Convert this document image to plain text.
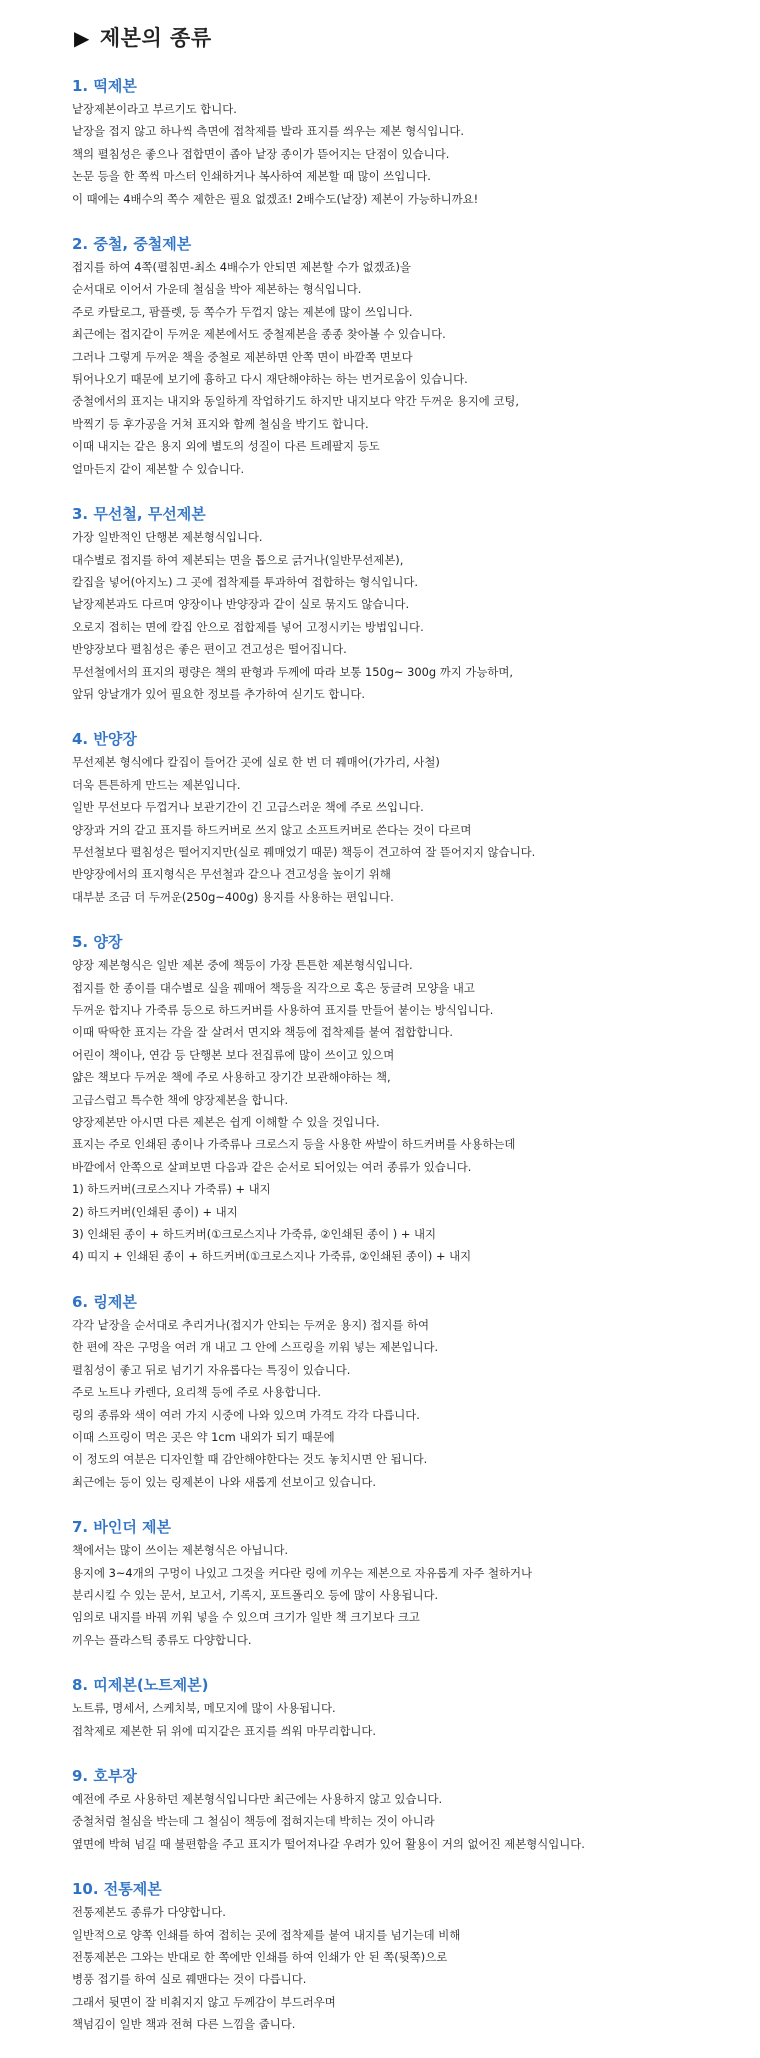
▶ 제본의 종류
1. 떡제본
낱장제본이라고 부르기도 합니다.
낱장을 접지 않고 하나씩 측면에 접착제를 발라 표지를 씌우는 제본 형식입니다.
책의 펼침성은 좋으나 접합면이 좁아 낱장 종이가 뜯어지는 단점이 있습니다.
논문 등을 한 쪽씩 마스터 인쇄하거나 복사하여 제본할 때 많이 쓰입니다.
이 때에는 4배수의 쪽수 제한은 필요 없겠죠! 2배수도(낱장) 제본이 가능하니까요!
2. 중철, 중철제본
접지를 하여 4쪽(펼침면-최소 4배수가 안되면 제본할 수가 없겠죠)을
순서대로 이어서 가운데 철심을 박아 제본하는 형식입니다.
주로 카탈로그, 팜플렛, 등 쪽수가 두껍지 않는 제본에 많이 쓰입니다.
최근에는 접지같이 두꺼운 제본에서도 중철제본을 종종 찾아볼 수 있습니다.
그러나 그렇게 두꺼운 책을 중철로 제본하면 안쪽 면이 바깥쪽 면보다
튀어나오기 때문에 보기에 흉하고 다시 재단해야하는 하는 번거로움이 있습니다.
중철에서의 표지는 내지와 동일하게 작업하기도 하지만 내지보다 약간 두꺼운 용지에 코팅,
박찍기 등 후가공을 거쳐 표지와 함께 철심을 박기도 합니다.
이때 내지는 같은 용지 외에 별도의 성질이 다른 트레팔지 등도
얼마든지 같이 제본할 수 있습니다.
3. 무선철, 무선제본
가장 일반적인 단행본 제본형식입니다.
대수별로 접지를 하여 제본되는 면을 톱으로 긁거나(일반무선제본),
칼집을 넣어(아지노) 그 곳에 접착제를 투과하여 접합하는 형식입니다.
낱장제본과도 다르며 양장이나 반양장과 같이 실로 묶지도 않습니다.
오로지 접히는 면에 칼집 안으로 접합제를 넣어 고정시키는 방법입니다.
반양장보다 펼침성은 좋은 편이고 견고성은 떨어집니다.
무선철에서의 표지의 평량은 책의 판형과 두께에 따라 보통 150g~ 300g 까지 가능하며,
앞뒤 앙날개가 있어 필요한 정보를 추가하여 싣기도 합니다.
4. 반양장
무선제본 형식에다 칼집이 들어간 곳에 실로 한 번 더 꿰매어(가가리, 사철)
더욱 튼튼하게 만드는 제본입니다.
일반 무선보다 두껍거나 보관기간이 긴 고급스러운 책에 주로 쓰입니다.
양장과 거의 같고 표지를 하드커버로 쓰지 않고 소프트커버로 쓴다는 것이 다르며
무선철보다 펼침성은 떨어지지만(실로 꿰매었기 때문) 책등이 견고하여 잘 뜯어지지 않습니다.
반양장에서의 표지형식은 무선철과 같으나 견고성을 높이기 위해
대부분 조금 더 두꺼운(250g~400g) 용지를 사용하는 편입니다.
5. 양장
양장 제본형식은 일반 제본 중에 책등이 가장 튼튼한 제본형식입니다.
접지를 한 종이를 대수별로 실을 꿰매어 책등을 직각으로 혹은 둥글려 모양을 내고
두꺼운 합지나 가죽류 등으로 하드커버를 사용하여 표지를 만들어 붙이는 방식입니다.
이때 딱딱한 표지는 각을 잘 살려서 면지와 책등에 접착제를 붙여 접합합니다.
어린이 책이나, 연감 등 단행본 보다 전집류에 많이 쓰이고 있으며
얇은 책보다 두꺼운 책에 주로 사용하고 장기간 보관해야하는 책,
고급스럽고 특수한 책에 양장제본을 합니다.
양장제본만 아시면 다른 제본은 쉽게 이해할 수 있을 것입니다.
표지는 주로 인쇄된 종이나 가죽류나 크로스지 등을 사용한 싸발이 하드커버를 사용하는데
바깥에서 안쪽으로 살펴보면 다음과 같은 순서로 되어있는 여러 종류가 있습니다.
1) 하드커버(크로스지나 가죽류) + 내지
2) 하드커버(인쇄된 종이) + 내지
3) 인쇄된 종이 + 하드커버(①크로스지나 가죽류, ②인쇄된 종이 ) + 내지
4) 띠지 + 인쇄된 종이 + 하드커버(①크로스지나 가죽류, ②인쇄된 종이) + 내지
6. 링제본
각각 낱장을 순서대로 추리거나(접지가 안되는 두꺼운 용지) 접지를 하여
한 편에 작은 구멍을 여러 개 내고 그 안에 스프링을 끼워 넣는 제본입니다.
펼침성이 좋고 뒤로 넘기기 자유롭다는 특징이 있습니다.
주로 노트나 카렌다, 요리책 등에 주로 사용합니다.
링의 종류와 색이 여러 가지 시중에 나와 있으며 가격도 각각 다릅니다.
이때 스프링이 먹은 곳은 약 1cm 내외가 되기 때문에
이 정도의 여분은 디자인할 때 감안해야한다는 것도 놓치시면 안 됩니다.
최근에는 등이 있는 링제본이 나와 새롭게 선보이고 있습니다.
7. 바인더 제본
책에서는 많이 쓰이는 제본형식은 아닙니다.
용지에 3~4개의 구멍이 나있고 그것을 커다란 링에 끼우는 제본으로 자유롭게 자주 철하거나
분리시킬 수 있는 문서, 보고서, 기록지, 포트폴리오 등에 많이 사용됩니다.
임의로 내지를 바꿔 끼워 넣을 수 있으며 크기가 일반 책 크기보다 크고
끼우는 플라스틱 종류도 다양합니다.
8. 띠제본(노트제본)
노트류, 명세서, 스케치북, 메모지에 많이 사용됩니다.
접착제로 제본한 뒤 위에 띠지같은 표지를 씌워 마무리합니다.
9. 호부장
예전에 주로 사용하던 제본형식입니다만 최근에는 사용하지 않고 있습니다.
중철처럼 철심을 박는데 그 철심이 책등에 접혀지는데 박히는 것이 아니라
옆면에 박혀 넘길 때 불편함을 주고 표지가 떨어져나갈 우려가 있어 활용이 거의 없어진 제본형식입니다.
10. 전통제본
전통제본도 종류가 다양합니다.
일반적으로 양쪽 인쇄를 하여 접히는 곳에 접착제를 붙여 내지를 넘기는데 비해
전통제본은 그와는 반대로 한 쪽에만 인쇄를 하여 인쇄가 안 된 쪽(뒷쪽)으로
병풍 접기를 하여 실로 꿰맨다는 것이 다릅니다.
그래서 뒷면이 잘 비춰지지 않고 두께감이 부드러우며
책넘김이 일반 책과 전혀 다른 느낌을 줍니다.
